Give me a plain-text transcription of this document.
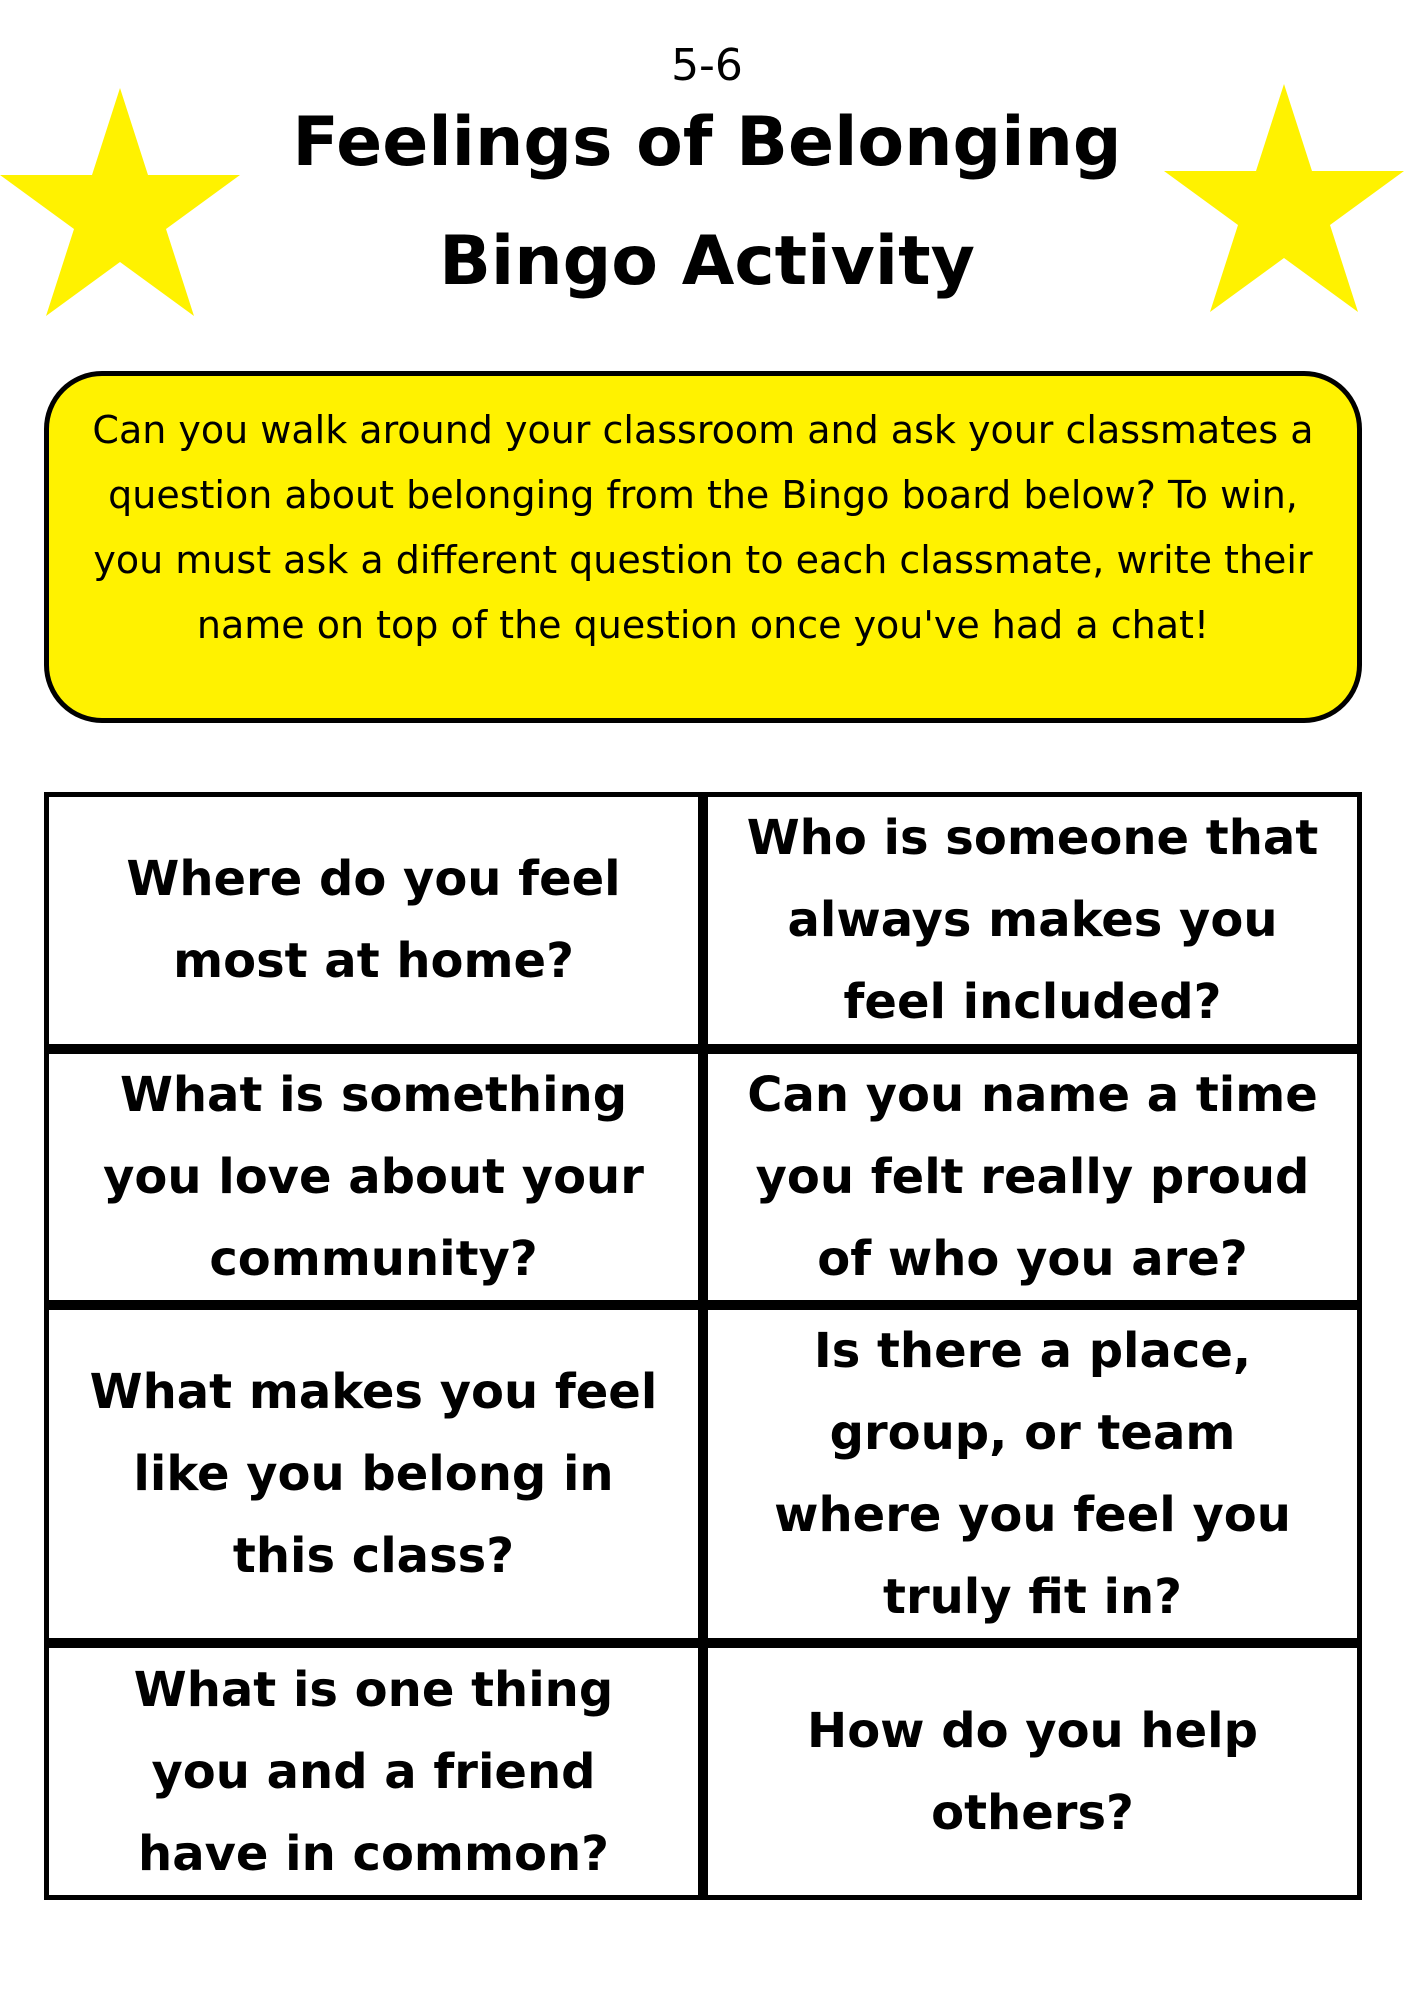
5-6
Feelings of Belonging
Bingo Activity
Can you walk around your classroom and ask your classmates a question about belonging from the Bingo board below? To win, you must ask a different question to each classmate, write their name on top of the question once you've had a chat!
Where do you feel most at home?
Who is someone that always makes you feel included?
What is something you love about your community?
Can you name a time you felt really proud of who you are?
What makes you feel like you belong in this class?
Is there a place, group, or team where you feel you truly fit in?
What is one thing you and a friend have in common?
How do you help others?
